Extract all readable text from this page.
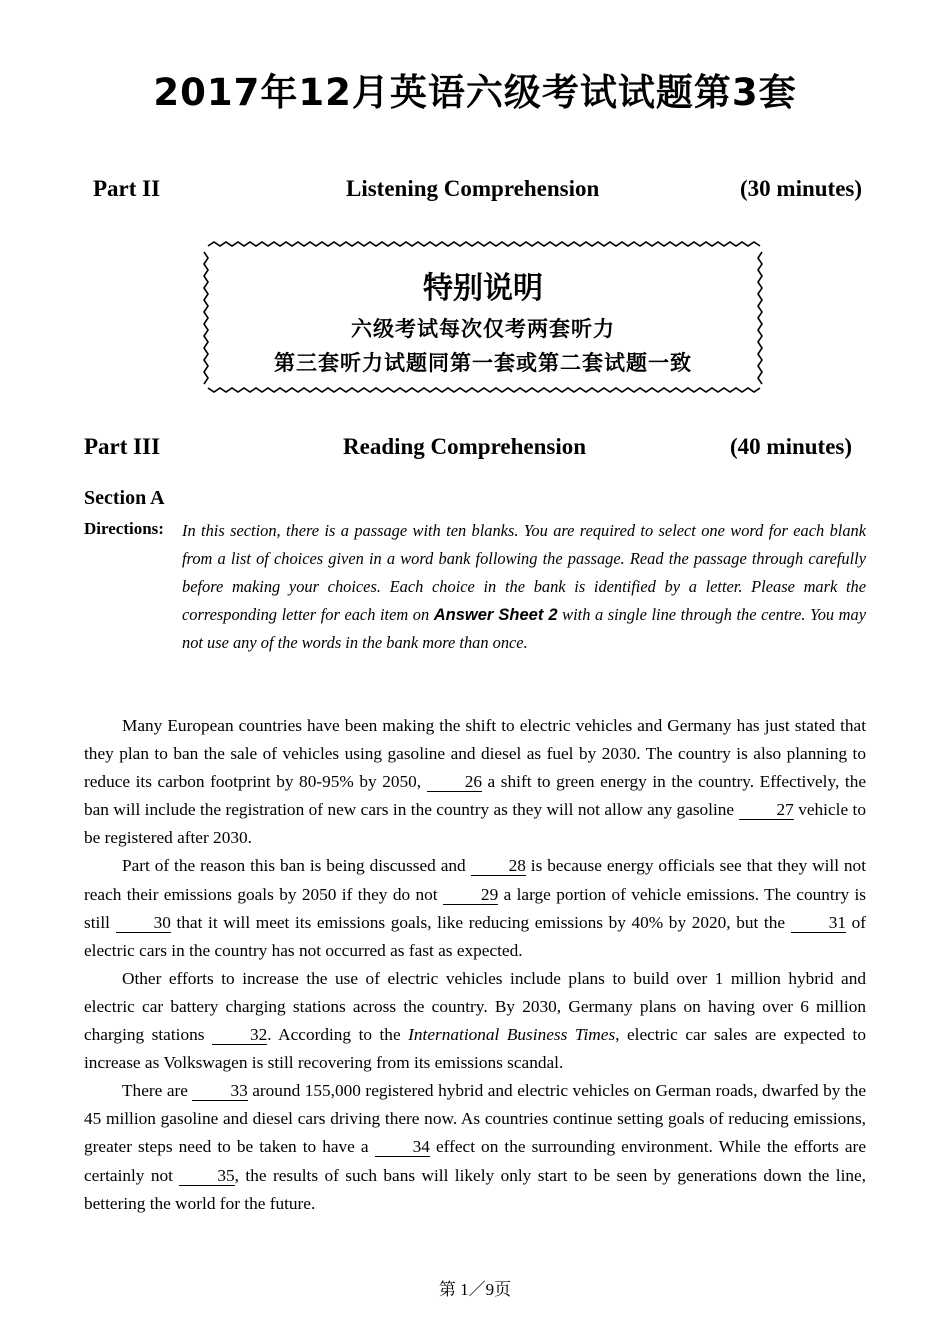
2017年12月英语六级考试试题第3套
Part II	Listening Comprehension	(30 minutes)
特别说明
六级考试每次仅考两套听力
第三套听力试题同第一套或第二套试题一致
Part III	Reading Comprehension	(40 minutes)
Section A
Directions: In this section, there is a passage with ten blanks. You are required to select one word for each blank from a list of choices given in a word bank following the passage. Read the passage through carefully before making your choices. Each choice in the bank is identified by a letter. Please mark the corresponding letter for each item on Answer Sheet 2 with a single line through the centre. You may not use any of the words in the bank more than once.

Many European countries have been making the shift to electric vehicles and Germany has just stated that they plan to ban the sale of vehicles using gasoline and diesel as fuel by 2030. The country is also planning to reduce its carbon footprint by 80-95% by 2050, 26 a shift to green energy in the country. Effectively, the ban will include the registration of new cars in the country as they will not allow any gasoline 27 vehicle to be registered after 2030.

Part of the reason this ban is being discussed and 28 is because energy officials see that they will not reach their emissions goals by 2050 if they do not 29 a large portion of vehicle emissions. The country is still 30 that it will meet its emissions goals, like reducing emissions by 40% by 2020, but the 31 of electric cars in the country has not occurred as fast as expected.

Other efforts to increase the use of electric vehicles include plans to build over 1 million hybrid and electric car battery charging stations across the country. By 2030, Germany plans on having over 6 million charging stations 32. According to the International Business Times, electric car sales are expected to increase as Volkswagen is still recovering from its emissions scandal.

There are 33 around 155,000 registered hybrid and electric vehicles on German roads, dwarfed by the 45 million gasoline and diesel cars driving there now. As countries continue setting goals of reducing emissions, greater steps need to be taken to have a 34 effect on the surrounding environment. While the efforts are certainly not 35, the results of such bans will likely only start to be seen by generations down the line, bettering the world for the future.

第 1／9页
